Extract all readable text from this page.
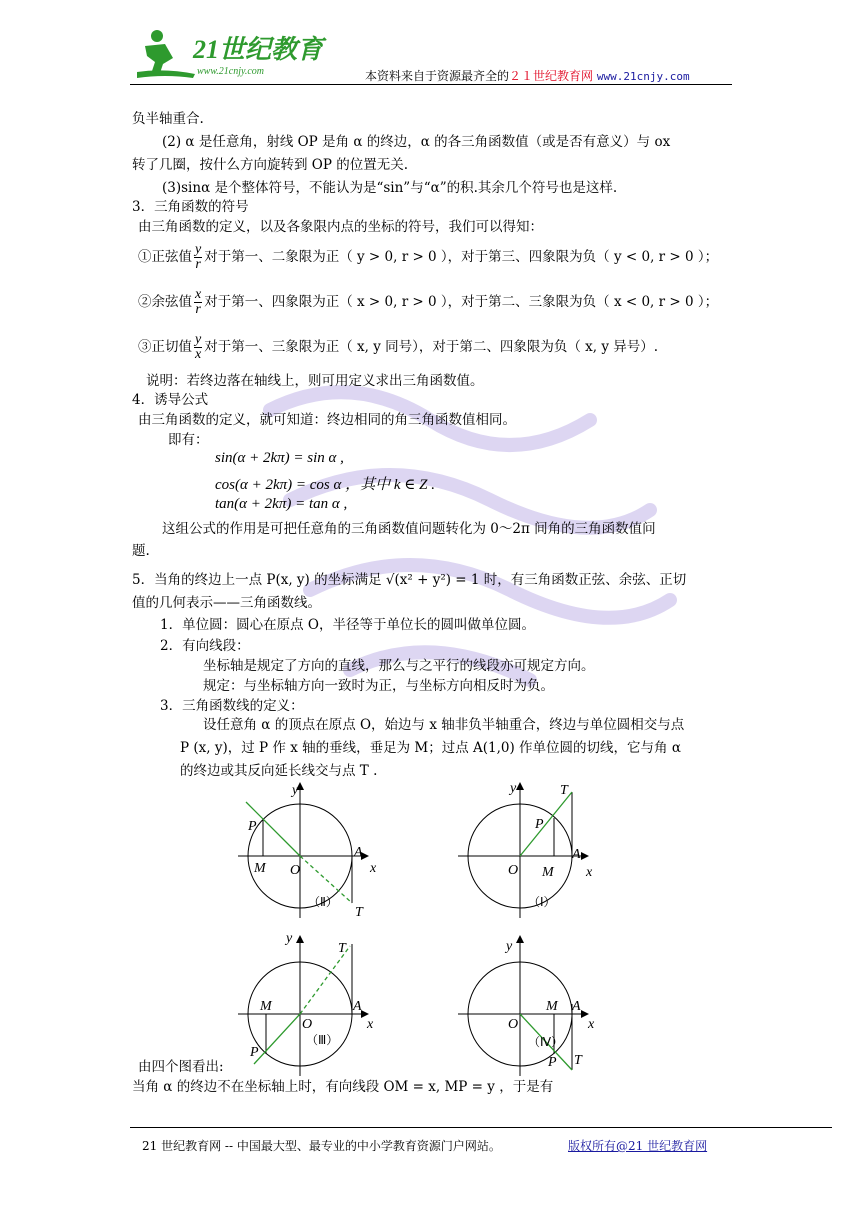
21世纪教育
www.21cnjy.com	本资料来自于资源最齐全的２１世纪教育网 www.21cnjy.com
负半轴重合.
(2) α 是任意角，射线 OP 是角 α 的终边，α 的各三角函数值（或是否有意义）与 ox
转了几圈，按什么方向旋转到 OP 的位置无关.
(3)sinα 是个整体符号，不能认为是“sin”与“α”的积.其余几个符号也是这样.
3．三角函数的符号
由三角函数的定义，以及各象限内点的坐标的符号，我们可以得知：
①正弦值 $\frac{y}{r}$ 对于第一、二象限为正（ y > 0, r > 0 ），对于第三、四象限为负（ y < 0, r > 0 ）；
②余弦值 $\frac{x}{r}$ 对于第一、四象限为正（ x > 0, r > 0 ），对于第二、三象限为负（ x < 0, r > 0 ）；
③正切值 $\frac{y}{x}$ 对于第一、三象限为正（ x, y 同号），对于第二、四象限为负（ x, y 异号）.
说明：若终边落在轴线上，则可用定义求出三角函数值。
4．诱导公式
由三角函数的定义，就可知道：终边相同的角三角函数值相同。
即有：
sin(α + 2kπ) = sin α ,
cos(α + 2kπ) = cos α ，其中 k ∈ Z .
tan(α + 2kπ) = tan α ,
这组公式的作用是可把任意角的三角函数值问题转化为 0～2π 间角的三角函数值问
题.
5．当角的终边上一点 P(x, y) 的坐标满足 √(x² + y²) = 1 时，有三角函数正弦、余弦、正切
值的几何表示——三角函数线。
1．单位圆：圆心在原点 O，半径等于单位长的圆叫做单位圆。
2．有向线段：
坐标轴是规定了方向的直线，那么与之平行的线段亦可规定方向。
规定：与坐标轴方向一致时为正，与坐标方向相反时为负。
3．三角函数线的定义：
设任意角 α 的顶点在原点 O，始边与 x 轴非负半轴重合，终边与单位圆相交与点
P (x, y)，过 P 作 x 轴的垂线，垂足为 M；过点 A(1,0) 作单位圆的切线，它与角 α
的终边或其反向延长线交与点 T .
y
x
O
M
P
A
T
（Ⅱ）
y
x
O M
P
A
T
（Ⅰ）
y
x
O
M
P
A
T
（Ⅲ）
y
x
O
M
P
A
T
（Ⅳ）
由四个图看出:
当角 α 的终边不在坐标轴上时，有向线段 OM = x, MP = y ，于是有
21 世纪教育网 -- 中国最大型、最专业的中小学教育资源门户网站。	版权所有@21 世纪教育网
